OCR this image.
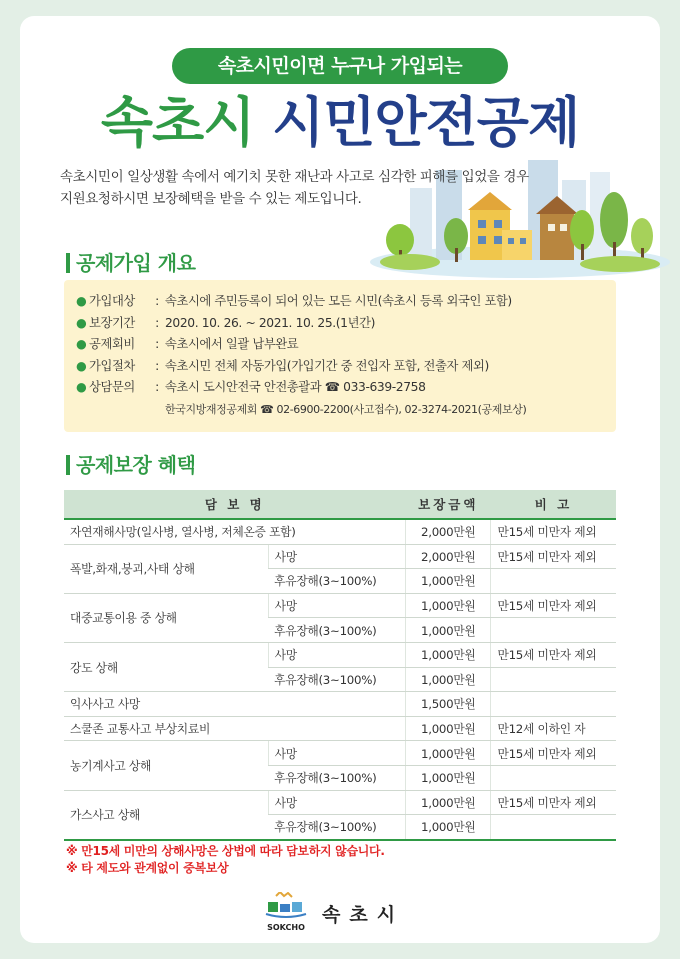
속초시민이면 누구나 가입되는
속초시 시민안전공제
속초시민이 일상생활 속에서 예기치 못한 재난과 사고로 심각한 피해를 입었을 경우
지원요청하시면 보장혜택을 받을 수 있는 제도입니다.
공제가입 개요
● 가입대상	: 속초시에 주민등록이 되어 있는 모든 시민(속초시 등록 외국인 포함)
● 보장기간	: 2020. 10. 26. ~ 2021. 10. 25.(1년간)
● 공제회비	: 속초시에서 일괄 납부완료
● 가입절차	: 속초시민 전체 자동가입(가입기간 중 전입자 포함, 전출자 제외)
● 상담문의	: 속초시 도시안전국 안전총괄과 ☎ 033-639-2758
한국지방재정공제회 ☎ 02-6900-2200(사고접수), 02-3274-2021(공제보상)
공제보장 혜택
담 보 명		보장금액	비 고
자연재해사망(일사병, 열사병, 저체온증 포함)		2,000만원	만15세 미만자 제외
폭발,화재,붕괴,사태 상해	사망	2,000만원	만15세 미만자 제외
	후유장해(3~100%)	1,000만원	
대중교통이용 중 상해	사망	1,000만원	만15세 미만자 제외
	후유장해(3~100%)	1,000만원	
강도 상해	사망	1,000만원	만15세 미만자 제외
	후유장해(3~100%)	1,000만원	
익사사고 사망		1,500만원	
스쿨존 교통사고 부상치료비		1,000만원	만12세 이하인 자
농기계사고 상해	사망	1,000만원	만15세 미만자 제외
	후유장해(3~100%)	1,000만원	
가스사고 상해	사망	1,000만원	만15세 미만자 제외
	후유장해(3~100%)	1,000만원	
※ 만15세 미만의 상해사망은 상법에 따라 담보하지 않습니다.
※ 타 제도와 관계없이 중복보상
SOKCHO
속초시
